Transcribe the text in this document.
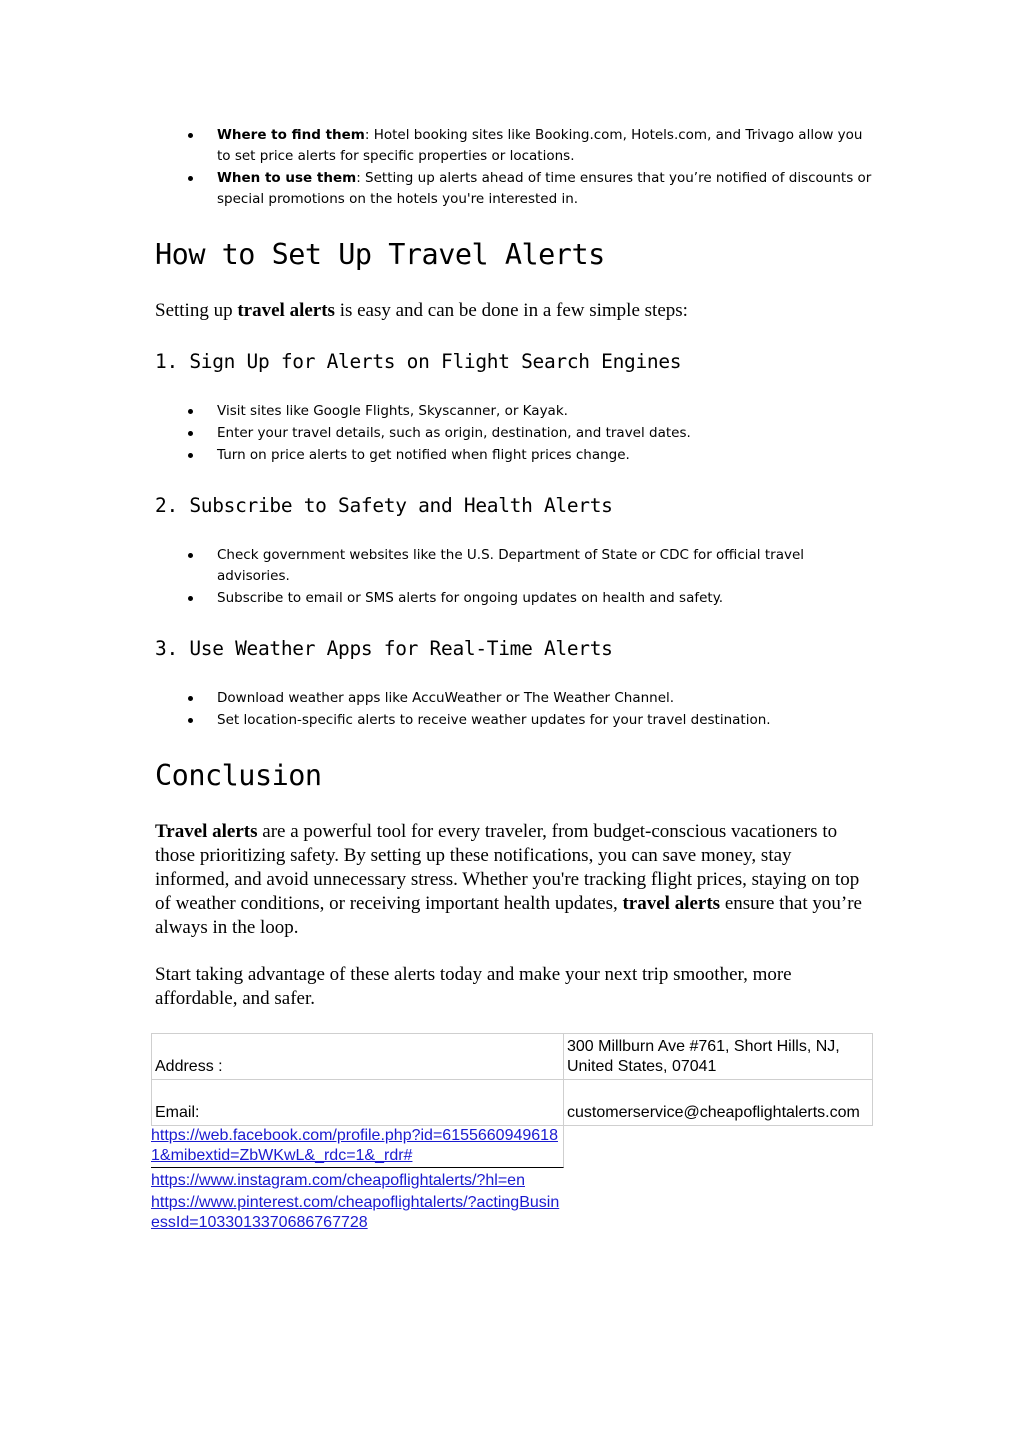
Where to find them: Hotel booking sites like Booking.com, Hotels.com, and Trivago allow you to set price alerts for specific properties or locations.
When to use them: Setting up alerts ahead of time ensures that you’re notified of discounts or special promotions on the hotels you're interested in.
How to Set Up Travel Alerts

Setting up travel alerts is easy and can be done in a few simple steps:

1. Sign Up for Alerts on Flight Search Engines
Visit sites like Google Flights, Skyscanner, or Kayak.
Enter your travel details, such as origin, destination, and travel dates.
Turn on price alerts to get notified when flight prices change.
2. Subscribe to Safety and Health Alerts
Check government websites like the U.S. Department of State or CDC for official travel advisories.
Subscribe to email or SMS alerts for ongoing updates on health and safety.
3. Use Weather Apps for Real-Time Alerts
Download weather apps like AccuWeather or The Weather Channel.
Set location-specific alerts to receive weather updates for your travel destination.
Conclusion

Travel alerts are a powerful tool for every traveler, from budget-conscious vacationers to those prioritizing safety. By setting up these notifications, you can save money, stay informed, and avoid unnecessary stress. Whether you're tracking flight prices, staying on top of weather conditions, or receiving important health updates, travel alerts ensure that you’re always in the loop.

Start taking advantage of these alerts today and make your next trip smoother, more affordable, and safer.

Address :	300 Millburn Ave #761, Short Hills, NJ, United States, 07041
Email:	customerservice@cheapoflightalerts.com
https://web.facebook.com/profile.php?id=61556609496181&mibextid=ZbWKwL&_rdc=1&_rdr#
https://www.instagram.com/cheapoflightalerts/?hl=en
https://www.pinterest.com/cheapoflightalerts/?actingBusinessId=1033013370686767728
